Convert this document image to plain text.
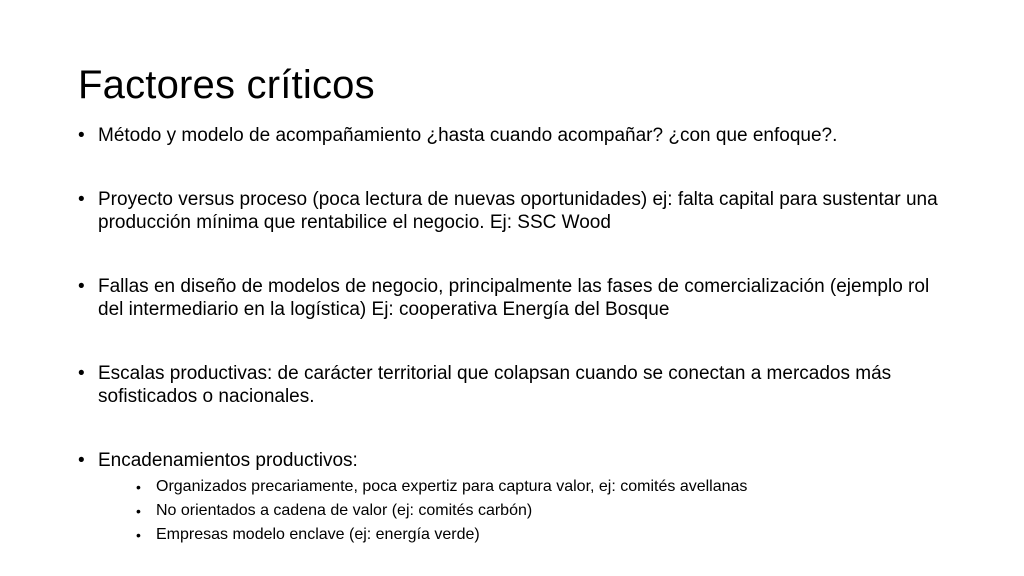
Factores críticos
• Método y modelo de acompañamiento ¿hasta cuando acompañar? ¿con que enfoque?.
• Proyecto versus proceso (poca lectura de nuevas oportunidades) ej: falta capital para sustentar una producción mínima que rentabilice el negocio. Ej: SSC Wood
• Fallas en diseño de modelos de negocio, principalmente las fases de comercialización (ejemplo rol del intermediario en la logística) Ej: cooperativa Energía del Bosque
• Escalas productivas: de carácter territorial que colapsan cuando se conectan a mercados más sofisticados o nacionales.
• Encadenamientos productivos:
• Organizados precariamente, poca expertiz para captura valor, ej: comités avellanas
• No orientados a cadena de valor (ej: comités carbón)
• Empresas modelo enclave (ej: energía verde)
